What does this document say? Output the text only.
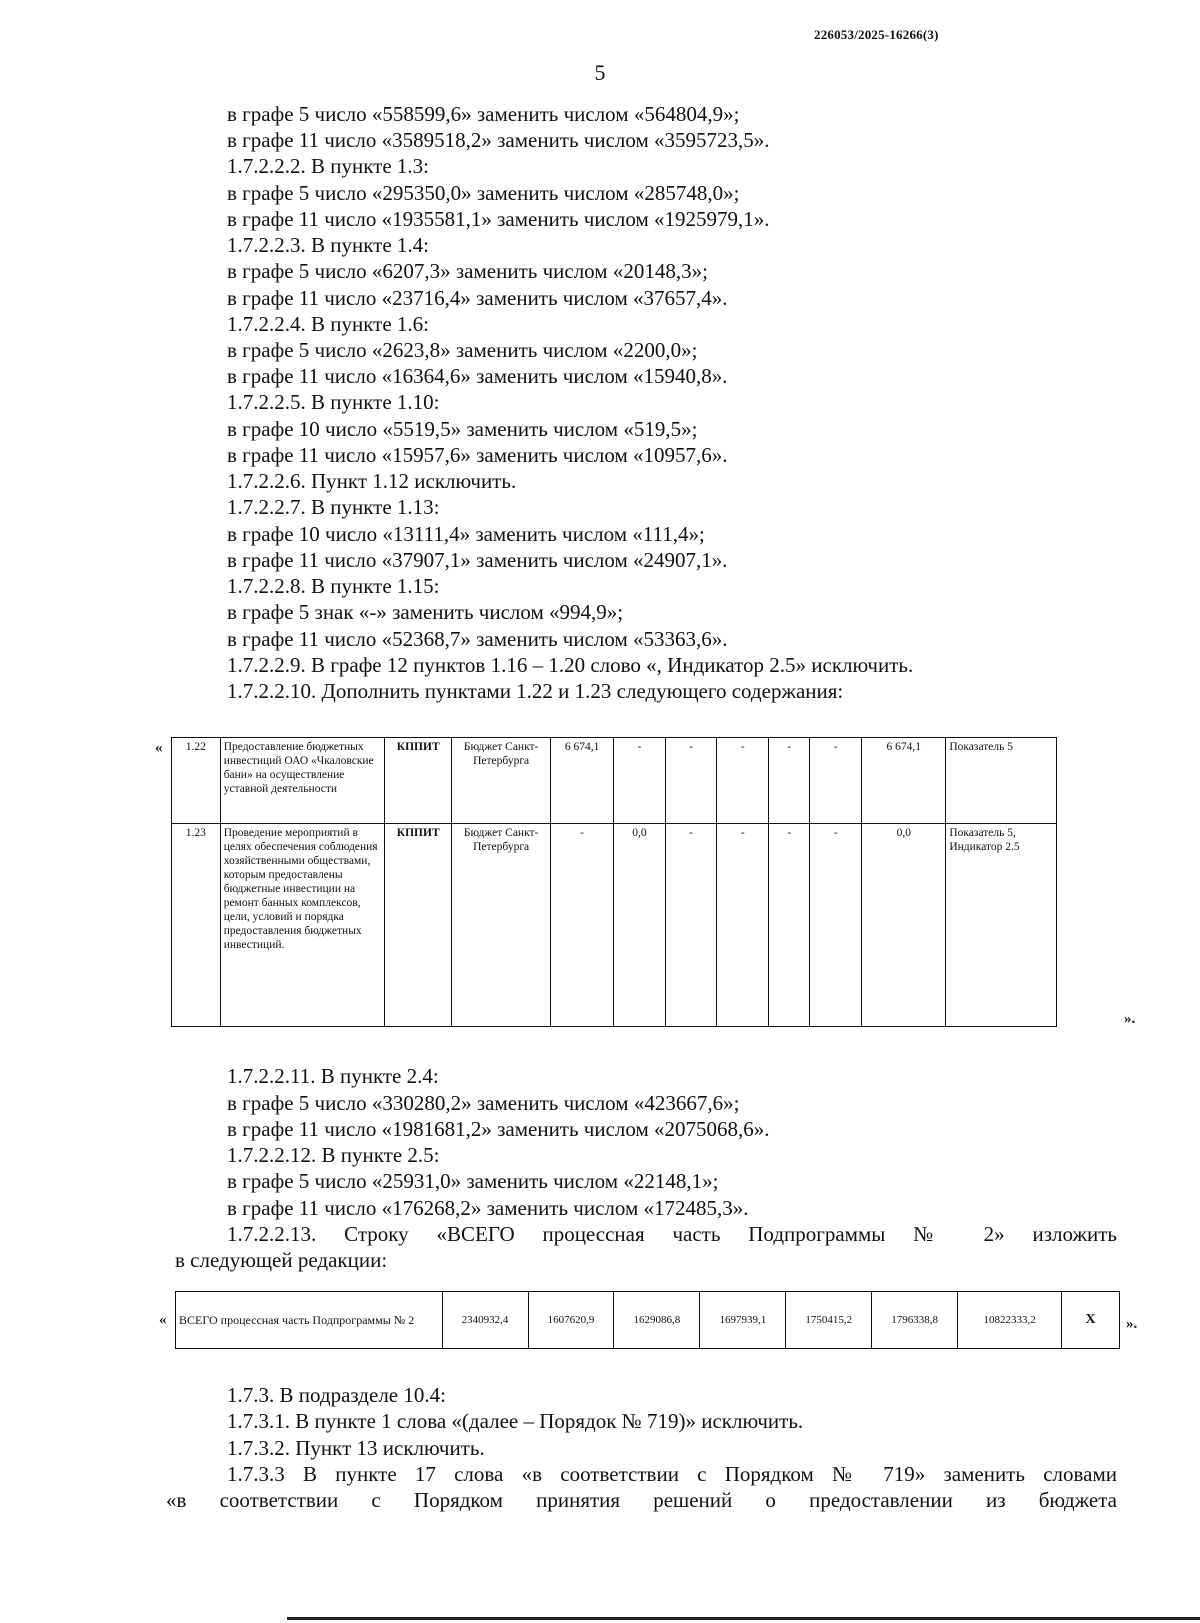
226053/2025-16266(3)
5
в графе 5 число «558599,6» заменить числом «564804,9»;
в графе 11 число «3589518,2» заменить числом «3595723,5».
1.7.2.2.2. В пункте 1.3:
в графе 5 число «295350,0» заменить числом «285748,0»;
в графе 11 число «1935581,1» заменить числом «1925979,1».
1.7.2.2.3. В пункте 1.4:
в графе 5 число «6207,3» заменить числом «20148,3»;
в графе 11 число «23716,4» заменить числом «37657,4».
1.7.2.2.4. В пункте 1.6:
в графе 5 число «2623,8» заменить числом «2200,0»;
в графе 11 число «16364,6» заменить числом «15940,8».
1.7.2.2.5. В пункте 1.10:
в графе 10 число «5519,5» заменить числом «519,5»;
в графе 11 число «15957,6» заменить числом «10957,6».
1.7.2.2.6. Пункт 1.12 исключить.
1.7.2.2.7. В пункте 1.13:
в графе 10 число «13111,4» заменить числом «111,4»;
в графе 11 число «37907,1» заменить числом «24907,1».
1.7.2.2.8. В пункте 1.15:
в графе 5 знак «-» заменить числом «994,9»;
в графе 11 число «52368,7» заменить числом «53363,6».
1.7.2.2.9. В графе 12 пунктов 1.16 – 1.20 слово «, Индикатор 2.5» исключить.
1.7.2.2.10. Дополнить пунктами 1.22 и 1.23 следующего содержания:
« 1.22	Предоставление бюджетных инвестиций ОАО «Чкаловские бани» на осуществление уставной деятельности	КППИТ	Бюджет Санкт-Петербурга	6 674,1	-	-	-	-	-	6 674,1	Показатель 5
1.23	Проведение мероприятий в целях обеспечения соблюдения хозяйственными обществами, которым предоставлены бюджетные инвестиции на ремонт банных комплексов, цели, условий и порядка предоставления бюджетных инвестиций.	КППИТ	Бюджет Санкт-Петербурга	-	0,0	-	-	-	-	0,0	Показатель 5, Индикатор 2.5
».
1.7.2.2.11. В пункте 2.4:
в графе 5 число «330280,2» заменить числом «423667,6»;
в графе 11 число «1981681,2» заменить числом «2075068,6».
1.7.2.2.12. В пункте 2.5:
в графе 5 число «25931,0» заменить числом «22148,1»;
в графе 11 число «176268,2» заменить числом «172485,3».
1.7.2.2.13. Строку «ВСЕГО процессная часть Подпрограммы № 2» изложить
в следующей редакции:
« ВСЕГО процессная часть Подпрограммы № 2	2340932,4	1607620,9	1629086,8	1697939,1	1750415,2	1796338,8	10822333,2	Х ».
1.7.3. В подразделе 10.4:
1.7.3.1. В пункте 1 слова «(далее – Порядок № 719)» исключить.
1.7.3.2. Пункт 13 исключить.
1.7.3.3 В пункте 17 слова «в соответствии с Порядком № 719» заменить словами
«в соответствии с Порядком принятия решений о предоставлении из бюджета
